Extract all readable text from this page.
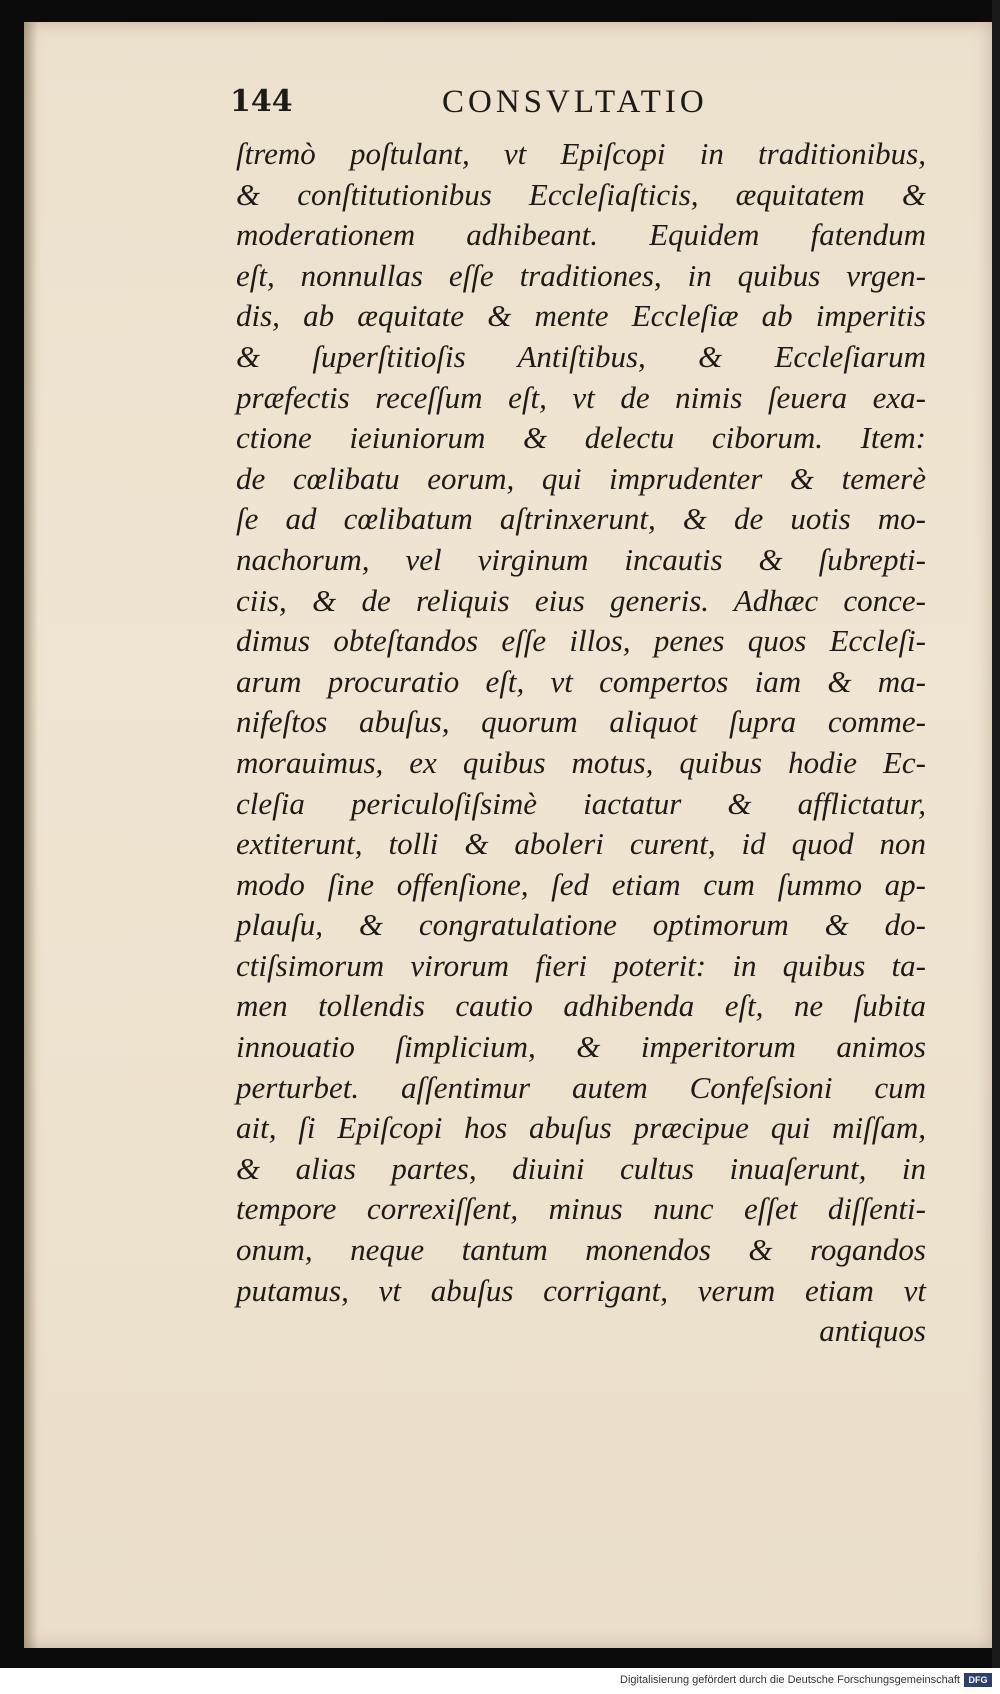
144	CONSVLTATIO
ſtremò poſtulant, vt Epiſcopi in traditionibus,
& conſtitutionibus Eccleſiaſticis, æquitatem &
moderationem adhibeant. Equidem fatendum
eſt, nonnullas eſſe traditiones, in quibus vrgen-
dis, ab æquitate & mente Eccleſiæ ab imperitis
& ſuperſtitioſis Antiſtibus, & Eccleſiarum
præfectis receſſum eſt, vt de nimis ſeuera exa-
ctione ieiuniorum & delectu ciborum. Item:
de cœlibatu eorum, qui imprudenter & temerè
ſe ad cœlibatum aſtrinxerunt, & de uotis mo-
nachorum, vel virginum incautis & ſubrepti-
ciis, & de reliquis eius generis. Adhæc conce-
dimus obteſtandos eſſe illos, penes quos Eccleſi-
arum procuratio eſt, vt compertos iam & ma-
nifeſtos abuſus, quorum aliquot ſupra comme-
morauimus, ex quibus motus, quibus hodie Ec-
cleſia periculoſiſsimè iactatur & afflictatur,
extiterunt, tolli & aboleri curent, id quod non
modo ſine offenſione, ſed etiam cum ſummo ap-
plauſu, & congratulatione optimorum & do-
ctiſsimorum virorum fieri poterit: in quibus ta-
men tollendis cautio adhibenda eſt, ne ſubita
innouatio ſimplicium, & imperitorum animos
perturbet. aſſentimur autem Confeſsioni cum
ait, ſi Epiſcopi hos abuſus præcipue qui miſſam,
& alias partes, diuini cultus inuaſerunt, in
tempore correxiſſent, minus nunc eſſet diſſenti-
onum, neque tantum monendos & rogandos
putamus, vt abuſus corrigant, verum etiam vt
antiquos
Digitalisierung gefördert durch die Deutsche Forschungsgemeinschaft DFG
